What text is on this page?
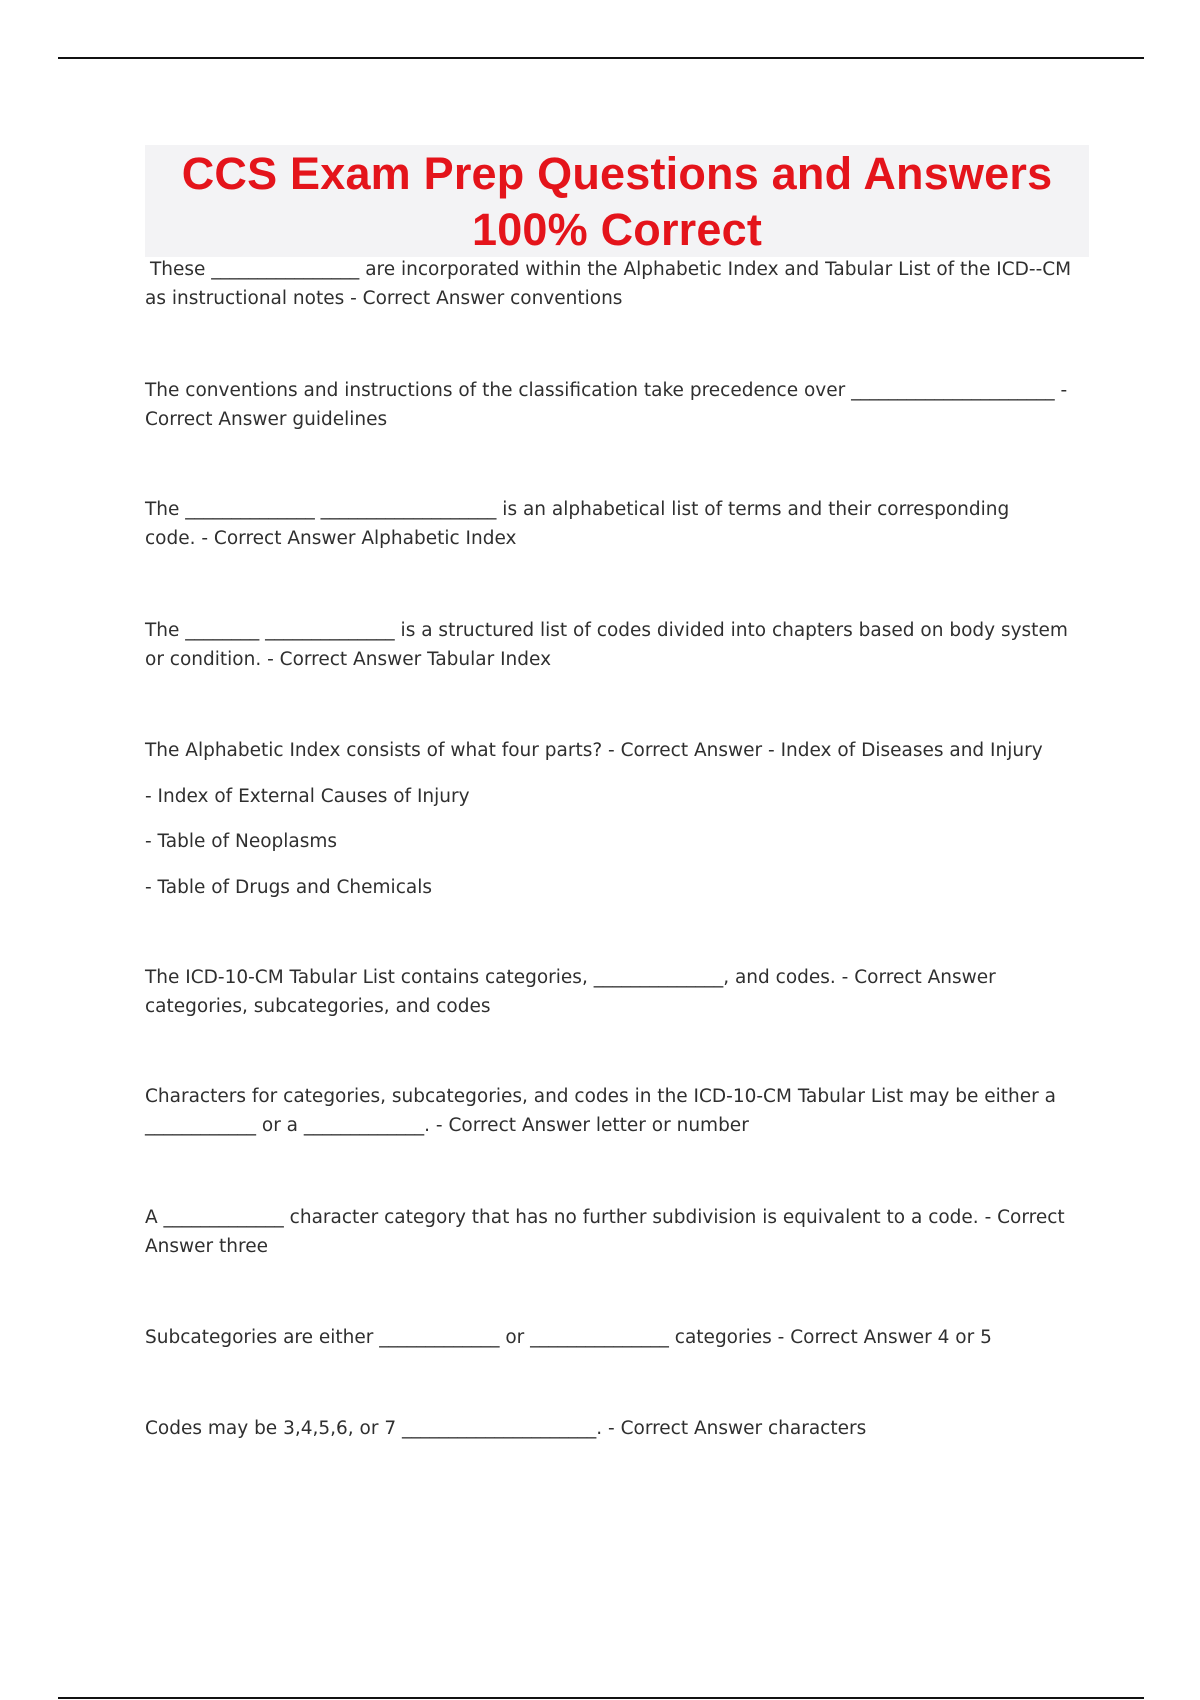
CCS Exam Prep Questions and Answers
100% Correct

These ________________ are incorporated within the Alphabetic Index and Tabular List of the ICD--CM
as instructional notes - Correct Answer conventions

The conventions and instructions of the classification take precedence over ______________________ -
Correct Answer guidelines

The ______________ ___________________ is an alphabetical list of terms and their corresponding
code. - Correct Answer Alphabetic Index

The ________ ______________ is a structured list of codes divided into chapters based on body system
or condition. - Correct Answer Tabular Index

The Alphabetic Index consists of what four parts? - Correct Answer - Index of Diseases and Injury

- Index of External Causes of Injury

- Table of Neoplasms

- Table of Drugs and Chemicals

The ICD-10-CM Tabular List contains categories, ______________, and codes. - Correct Answer
categories, subcategories, and codes

Characters for categories, subcategories, and codes in the ICD-10-CM Tabular List may be either a
____________ or a _____________. - Correct Answer letter or number

A _____________ character category that has no further subdivision is equivalent to a code. - Correct
Answer three

Subcategories are either _____________ or _______________ categories - Correct Answer 4 or 5

Codes may be 3,4,5,6, or 7 _____________________. - Correct Answer characters
